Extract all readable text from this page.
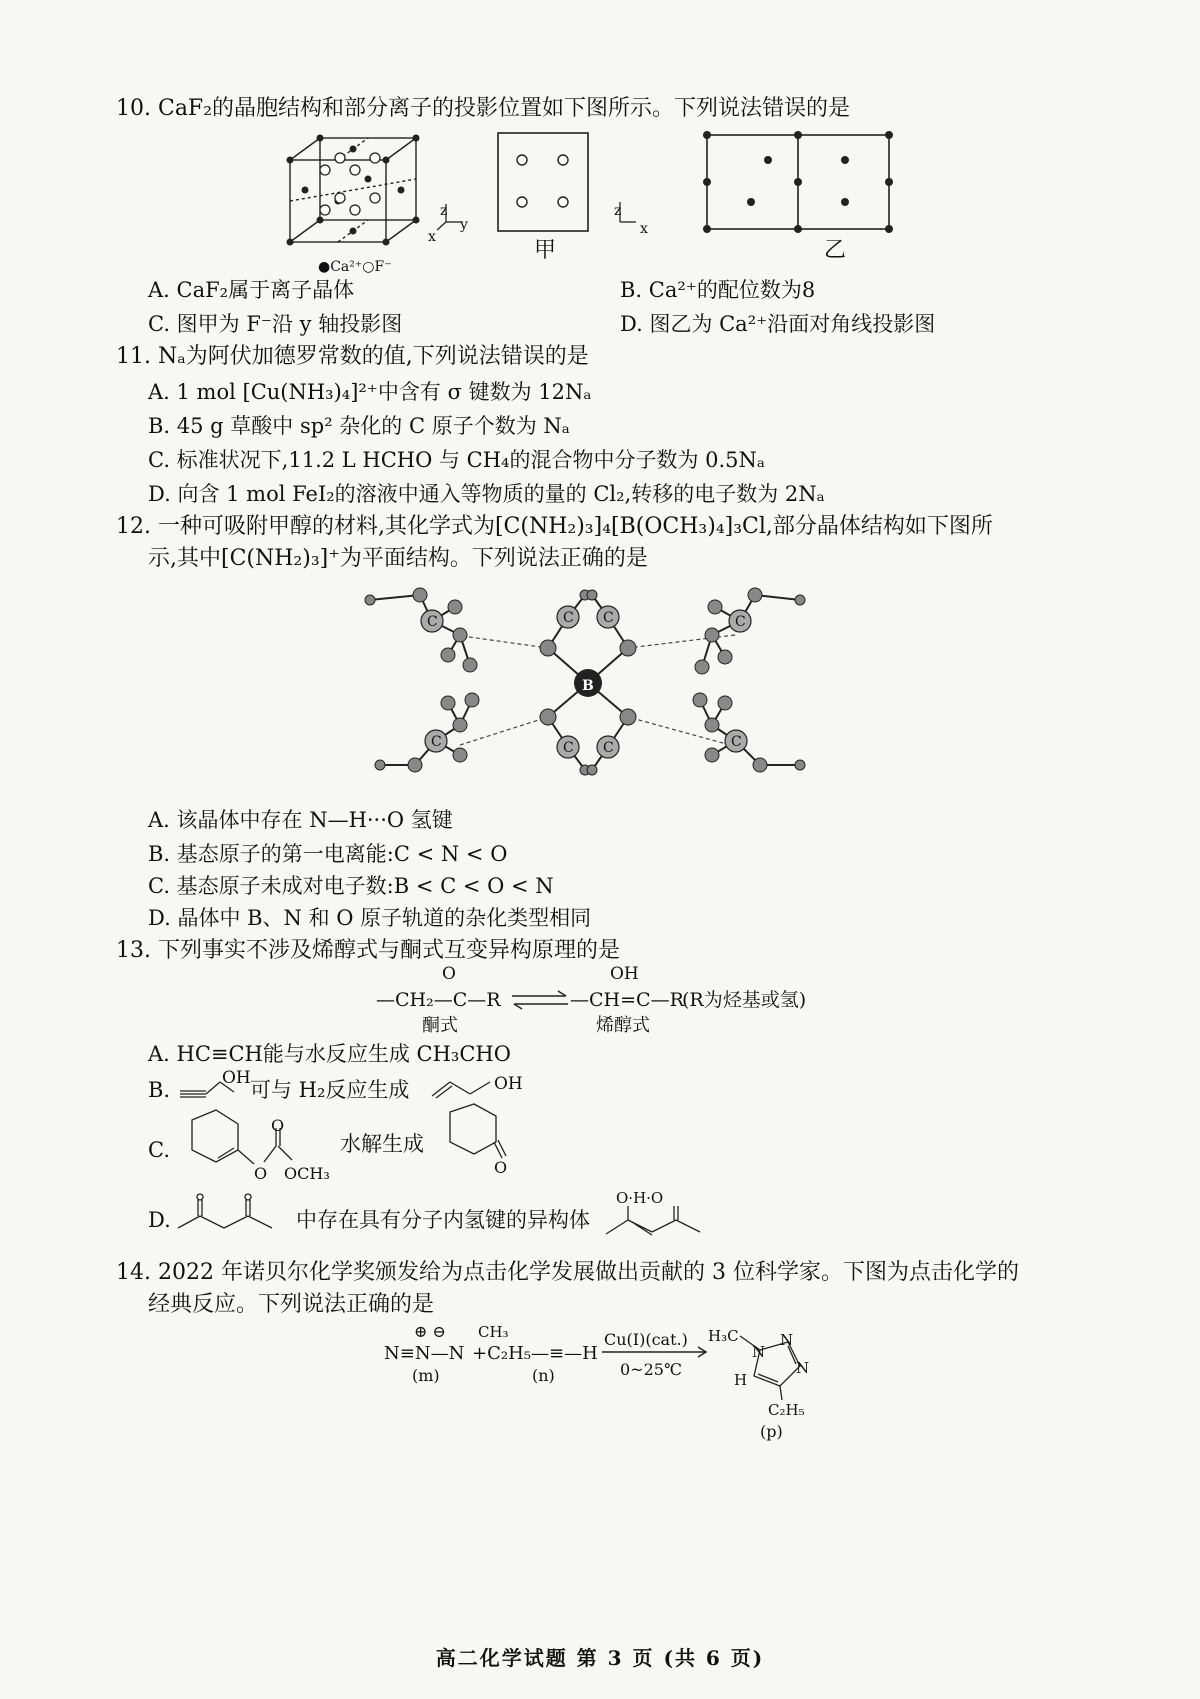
10. CaF₂的晶胞结构和部分离子的投影位置如下图所示。下列说法错误的是
●Ca²⁺○F⁻
z
y
x
甲
z
x
乙
A. CaF₂属于离子晶体	B. Ca²⁺的配位数为8
C. 图甲为 F⁻沿 y 轴投影图	D. 图乙为 Ca²⁺沿面对角线投影图
11. Nₐ为阿伏加德罗常数的值,下列说法错误的是
A. 1 mol [Cu(NH₃)₄]²⁺中含有 σ 键数为 12Nₐ
B. 45 g 草酸中 sp² 杂化的 C 原子个数为 Nₐ
C. 标准状况下,11.2 L HCHO 与 CH₄的混合物中分子数为 0.5Nₐ
D. 向含 1 mol FeI₂的溶液中通入等物质的量的 Cl₂,转移的电子数为 2Nₐ
12. 一种可吸附甲醇的材料,其化学式为[C(NH₂)₃]₄[B(OCH₃)₄]₃Cl,部分晶体结构如下图所
示,其中[C(NH₂)₃]⁺为平面结构。下列说法正确的是
B
C C
C	C
C	C
C C
A. 该晶体中存在 N—H···O 氢键
B. 基态原子的第一电离能:C < N < O
C. 基态原子未成对电子数:B < C < O < N
D. 晶体中 B、N 和 O 原子轨道的杂化类型相同
13. 下列事实不涉及烯醇式与酮式互变异构原理的是
O
—CH₂—C—R ⇌
OH
—CH=C—R
(R为烃基或氢)
酮式	烯醇式
A. HC≡CH能与水反应生成 CH₃CHO
B.	OH 可与 H₂反应生成	OH
C.
O
O
OCH₃
水解生成
O
D.	中存在具有分子内氢键的异构体
O·H·O
14. 2022 年诺贝尔化学奖颁发给为点击化学发展做出贡献的 3 位科学家。下图为点击化学的
经典反应。下列说法正确的是
⊕ ⊖ CH₃
N≡N—N +C₂H₅—≡—H
(m)	(n)
Cu(Ⅰ)(cat.)
0~25℃
H₃C
N
N
N
H
C₂H₅
(p)
高二化学试题 第 3 页 (共 6 页)
